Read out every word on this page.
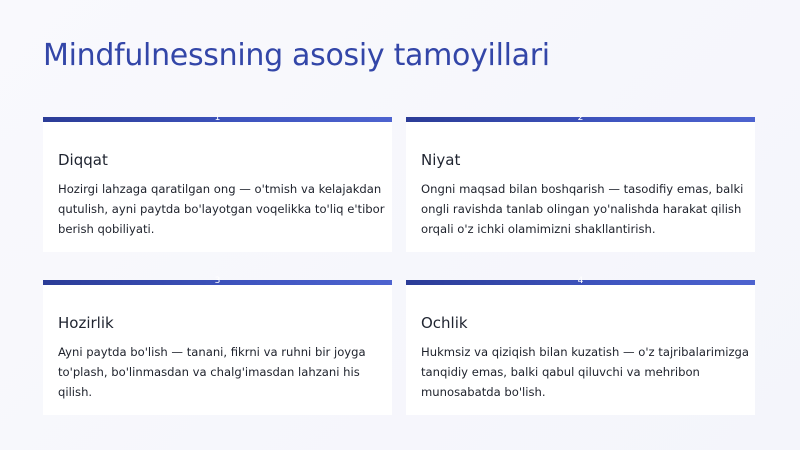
Mindfulnessning asosiy tamoyillari
1
Diqqat
Hozirgi lahzaga qaratilgan ong — o'tmish va kelajakdan qutulish, ayni paytda bo'layotgan voqelikka to'liq e'tibor berish qobiliyati.
2
Niyat
Ongni maqsad bilan boshqarish — tasodifiy emas, balki ongli ravishda tanlab olingan yo'nalishda harakat qilish orqali o'z ichki olamimizni shakllantirish.
3
Hozirlik
Ayni paytda bo'lish — tanani, fikrni va ruhni bir joyga to'plash, bo'linmasdan va chalg'imasdan lahzani his qilish.
4
Ochlik
Hukmsiz va qiziqish bilan kuzatish — o'z tajribalarimizga tanqidiy emas, balki qabul qiluvchi va mehribon munosabatda bo'lish.
